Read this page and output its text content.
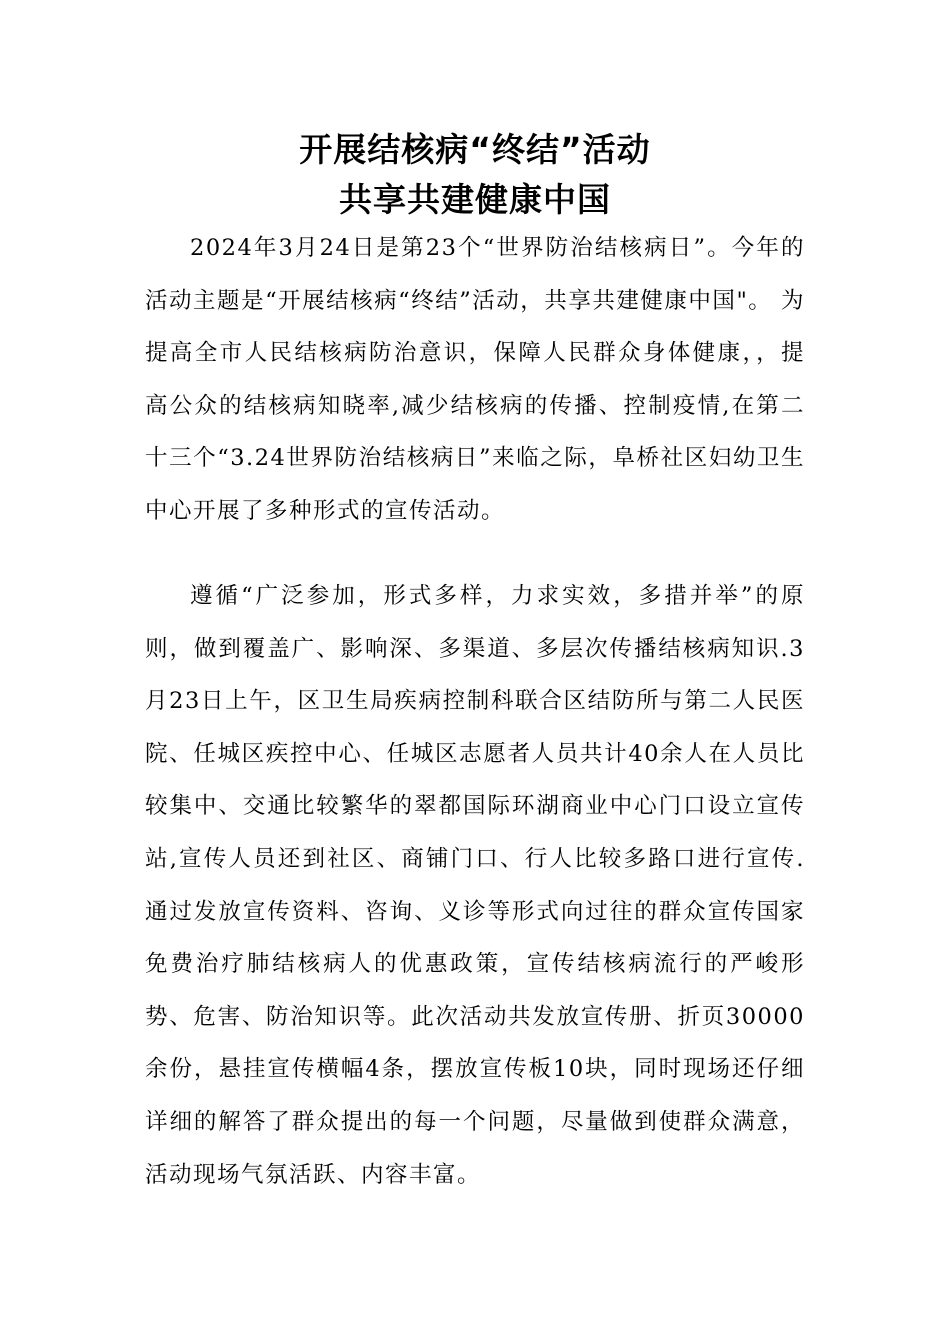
开展结核病“终结”活动
共享共建健康中国

2024年3月24日是第23个“世界防治结核病日”。今年的活动主题是“开展结核病“终结”活动，共享共建健康中国"。 为提高全市人民结核病防治意识，保障人民群众身体健康，，提高公众的结核病知晓率,减少结核病的传播、控制疫情,在第二十三个“3.24世界防治结核病日”来临之际，阜桥社区妇幼卫生中心开展了多种形式的宣传活动。

遵循“广泛参加，形式多样，力求实效，多措并举”的原则，做到覆盖广、影响深、多渠道、多层次传播结核病知识.3月23日上午，区卫生局疾病控制科联合区结防所与第二人民医院、任城区疾控中心、任城区志愿者人员共计40余人在人员比较集中、交通比较繁华的翠都国际环湖商业中心门口设立宣传站,宣传人员还到社区、商铺门口、行人比较多路口进行宣传.通过发放宣传资料、咨询、义诊等形式向过往的群众宣传国家免费治疗肺结核病人的优惠政策，宣传结核病流行的严峻形势、危害、防治知识等。此次活动共发放宣传册、折页30000余份，悬挂宣传横幅4条，摆放宣传板10块，同时现场还仔细详细的解答了群众提出的每一个问题，尽量做到使群众满意，活动现场气氛活跃、内容丰富。
